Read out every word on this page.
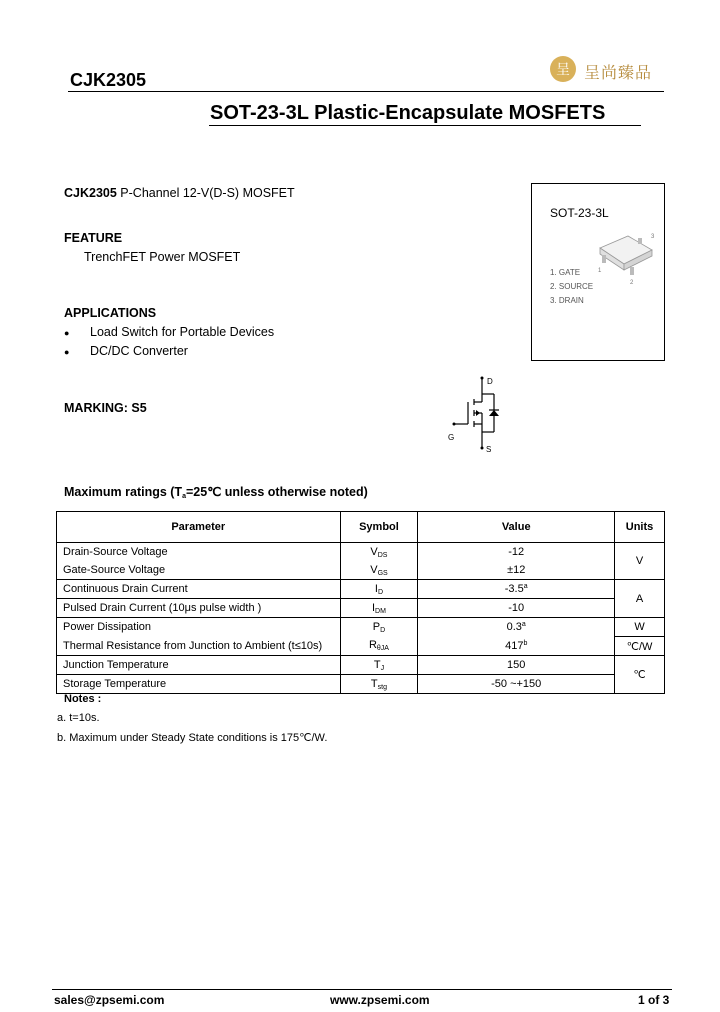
CJK2305	呈 呈尚臻品
SOT-23-3L Plastic-Encapsulate MOSFETS
CJK2305 P-Channel 12-V(D-S) MOSFET
FEATURE
TrenchFET Power MOSFET
APPLICATIONS
● Load Switch for Portable Devices
● DC/DC Converter
MARKING: S5
SOT-23-3L
3
1
2
1. GATE
2. SOURCE
3. DRAIN
D
G
S
Maximum ratings ($T_a=25℃$ unless otherwise noted)
Parameter	Symbol	Value	Units
Drain-Source Voltage	$V_{DS}$	-12	V
Gate-Source Voltage	$V_{GS}$	±12	
Continuous Drain Current	$I_D$	-3.5$^a$	A
Pulsed Drain Current (10μs pulse width )	$I_{DM}$	-10	
Power Dissipation	$P_D$	0.3$^a$	W
Thermal Resistance from Junction to Ambient (t≤10s)	$R_{\theta JA}$	417$^b$	℃/W
Junction Temperature	$T_J$	150	℃
Storage Temperature	$T_{stg}$	-50 ~+150	
Notes :
a. t=10s.
b. Maximum under Steady State conditions is 175℃/W.
sales@zpsemi.com	www.zpsemi.com	1 of 3
